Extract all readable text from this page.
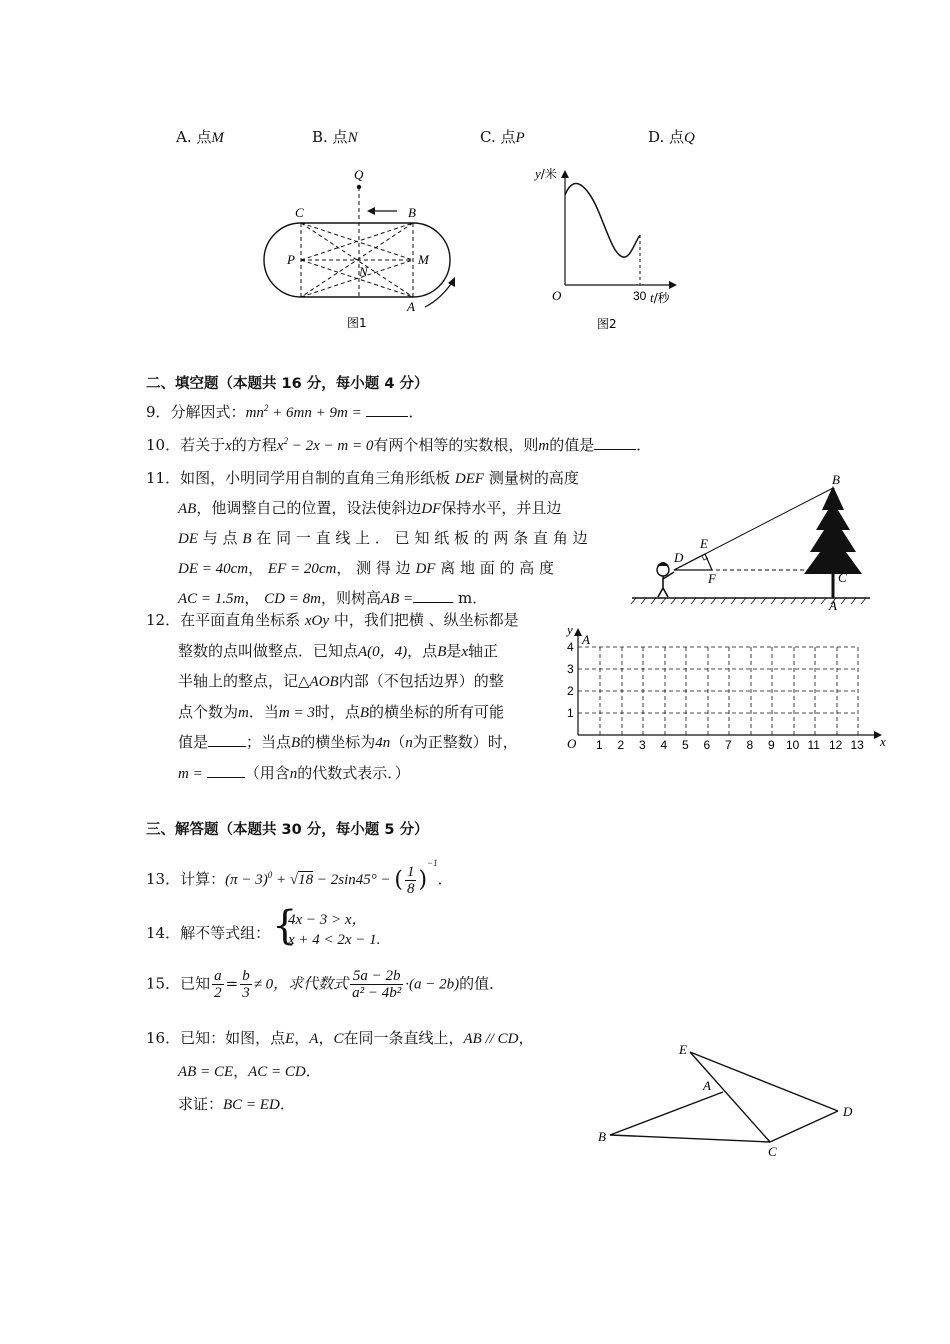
A. 点M	B. 点N	C. 点P	D. 点Q
Q
C	B
P
N
M
A
图1
y/米
O	30 t/秒
图2
二、填空题（本题共 16 分，每小题 4 分）
9．分解因式：$mn^2 + 6mn + 9m$ =	．
10．若关于x的方程$x^2 - 2x - m = 0$有两个相等的实数根，则m的值是	．
11．如图，小明同学用自制的直角三角形纸板 DEF 测量树的高度
AB，他调整自己的位置，设法使斜边DF保持水平，并且边
DE 与 点 B 在 同 一 直 线 上 ． 已 知 纸 板 的 两 条 直 角 边
DE = 40cm， EF = 20cm， 测 得 边 DF 离 地 面 的 高 度
AC = 1.5m， CD = 8m，则树高AB =	m．
B
E
D
F	C
A
12．在平面直角坐标系 xOy 中，我们把横 、纵坐标都是
整数的点叫做整点．已知点A(0，4)，点B是x轴正
半轴上的整点，记△AOB内部（不包括边界）的整
点个数为m．当m = 3时，点B的横坐标的所有可能
值是	；当点B的横坐标为4n（n为正整数）时，
m =	（用含n的代数式表示．）
y
A
x
O 1 2 3 4 5 6 7 8 9 10 11 12 13
1
2
3
4
三、解答题（本题共 30 分，每小题 5 分）
13．计算：$(\pi - 3)^0 + √18 - 2\sin 45^\circ$ − ( $\frac{1}{8} )^{-1}$．
14．解不等式组： {
4x − 3 > x，
x + 4 < 2x − 1.
15．已知 $\frac{a}{2} = \frac{b}{3} \ne 0$，求代数式 $\frac{5a - 2b}{\text{a² − 4b²}} \cdot(a - 2b)$的值．
16．已知：如图，点E，A，C在同一条直线上，AB // CD，
AB = CE，AC = CD．
求证：BC = ED．
E
A
D
B
C
